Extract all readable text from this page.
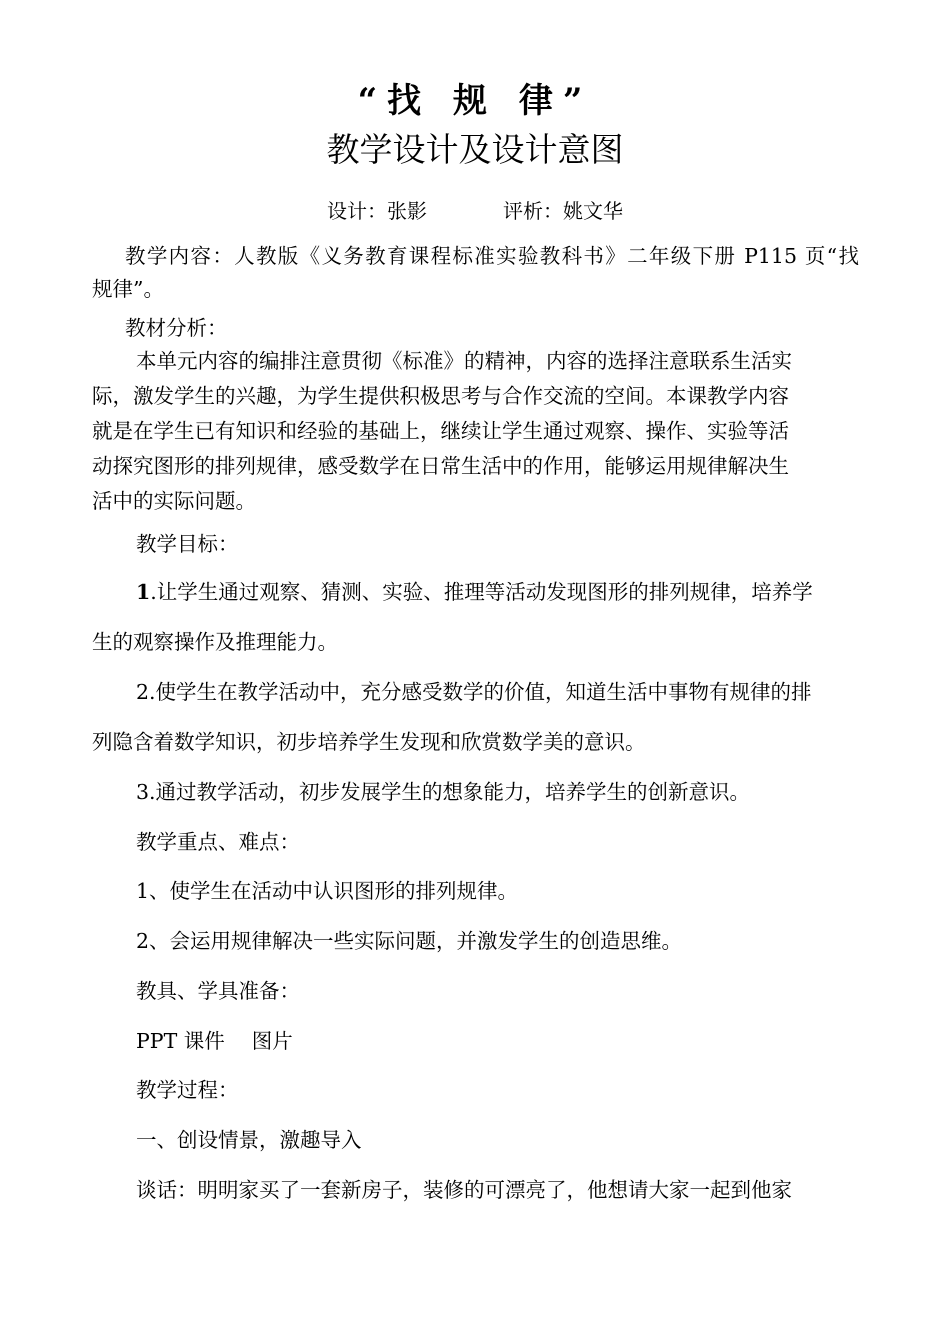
“找 规 律”
教学设计及设计意图
设计：张影	评析：姚文华
教学内容：人教版《义务教育课程标准实验教科书》二年级下册 P115 页“找
规律”。
教材分析：
本单元内容的编排注意贯彻《标准》的精神，内容的选择注意联系生活实
际，激发学生的兴趣，为学生提供积极思考与合作交流的空间。本课教学内容
就是在学生已有知识和经验的基础上，继续让学生通过观察、操作、实验等活
动探究图形的排列规律，感受数学在日常生活中的作用，能够运用规律解决生
活中的实际问题。
教学目标：
1.让学生通过观察、猜测、实验、推理等活动发现图形的排列规律，培养学
生的观察操作及推理能力。
2.使学生在教学活动中，充分感受数学的价值，知道生活中事物有规律的排
列隐含着数学知识，初步培养学生发现和欣赏数学美的意识。
3.通过教学活动，初步发展学生的想象能力，培养学生的创新意识。
教学重点、难点：
1、使学生在活动中认识图形的排列规律。
2、会运用规律解决一些实际问题，并激发学生的创造思维。
教具、学具准备：
PPT 课件　 图片
教学过程：
一、创设情景，激趣导入
谈话：明明家买了一套新房子，装修的可漂亮了，他想请大家一起到他家
